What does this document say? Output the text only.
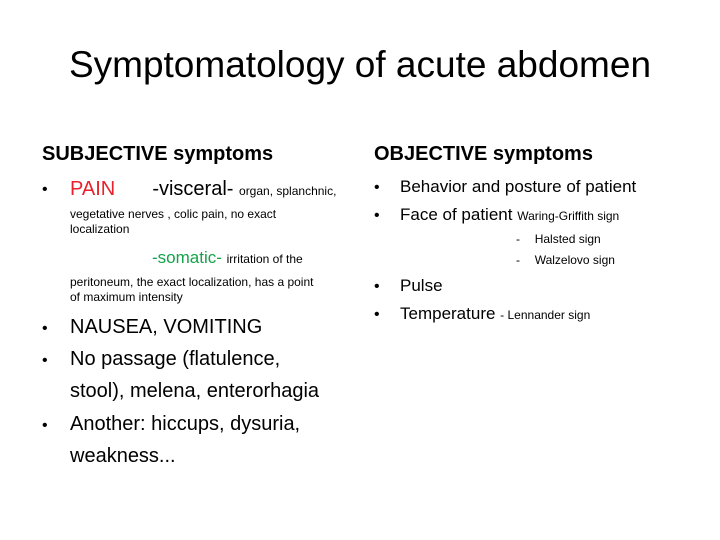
Symptomatology of acute abdomen
SUBJECTIVE symptoms
• PAIN -visceral- organ, splanchnic,
vegetative nerves , colic pain, no exact
localization
-somatic- irritation of the
peritoneum, the exact localization, has a point
of maximum intensity
• NAUSEA, VOMITING
• No passage (flatulence,
stool), melena, enterorhagia
• Another: hiccups, dysuria,
weakness...
OBJECTIVE symptoms
• Behavior and posture of patient
• Face of patient Waring-Griffith sign
- Halsted sign
- Walzelovo sign
• Pulse
• Temperature - Lennander sign
